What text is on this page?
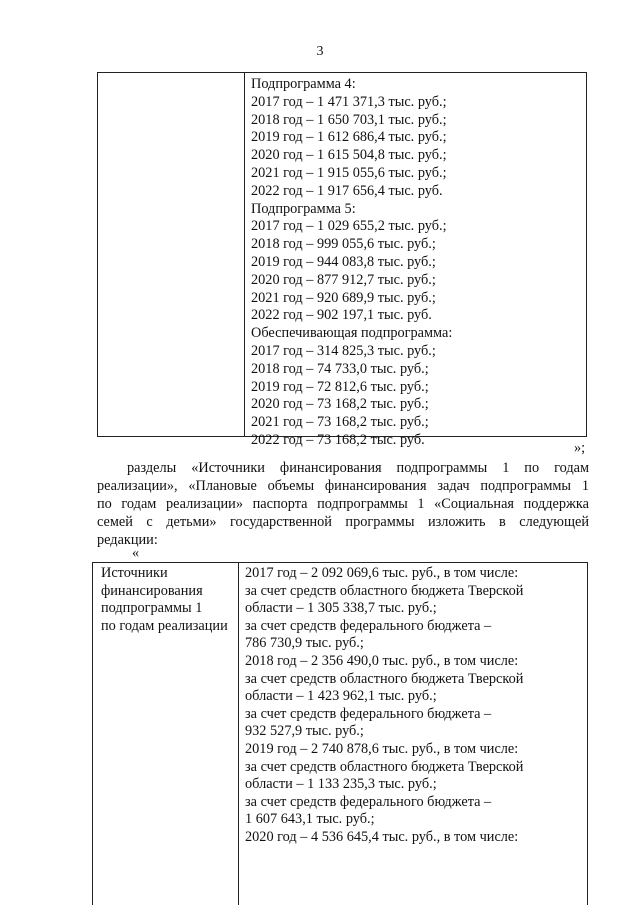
3
Подпрограмма 4:
2017 год – 1 471 371,3 тыс. руб.;
2018 год – 1 650 703,1 тыс. руб.;
2019 год – 1 612 686,4 тыс. руб.;
2020 год – 1 615 504,8 тыс. руб.;
2021 год – 1 915 055,6 тыс. руб.;
2022 год – 1 917 656,4 тыс. руб.
Подпрограмма 5:
2017 год – 1 029 655,2 тыс. руб.;
2018 год – 999 055,6 тыс. руб.;
2019 год – 944 083,8 тыс. руб.;
2020 год – 877 912,7 тыс. руб.;
2021 год – 920 689,9 тыс. руб.;
2022 год – 902 197,1 тыс. руб.
Обеспечивающая подпрограмма:
2017 год – 314 825,3 тыс. руб.;
2018 год – 74 733,0 тыс. руб.;
2019 год – 72 812,6 тыс. руб.;
2020 год – 73 168,2 тыс. руб.;
2021 год – 73 168,2 тыс. руб.;
2022 год – 73 168,2 тыс. руб.
»;
разделы «Источники финансирования подпрограммы 1 по годам
реализации», «Плановые объемы финансирования задач подпрограммы 1
по годам реализации» паспорта подпрограммы 1 «Социальная поддержка
семей с детьми» государственной программы изложить в следующей
редакции:
«
Источники
финансирования
подпрограммы 1
по годам реализации
2017 год – 2 092 069,6 тыс. руб., в том числе:
за счет средств областного бюджета Тверской
области – 1 305 338,7 тыс. руб.;
за счет средств федерального бюджета –
786 730,9 тыс. руб.;
2018 год – 2 356 490,0 тыс. руб., в том числе:
за счет средств областного бюджета Тверской
области – 1 423 962,1 тыс. руб.;
за счет средств федерального бюджета –
932 527,9 тыс. руб.;
2019 год – 2 740 878,6 тыс. руб., в том числе:
за счет средств областного бюджета Тверской
области – 1 133 235,3 тыс. руб.;
за счет средств федерального бюджета –
1 607 643,1 тыс. руб.;
2020 год – 4 536 645,4 тыс. руб., в том числе:
